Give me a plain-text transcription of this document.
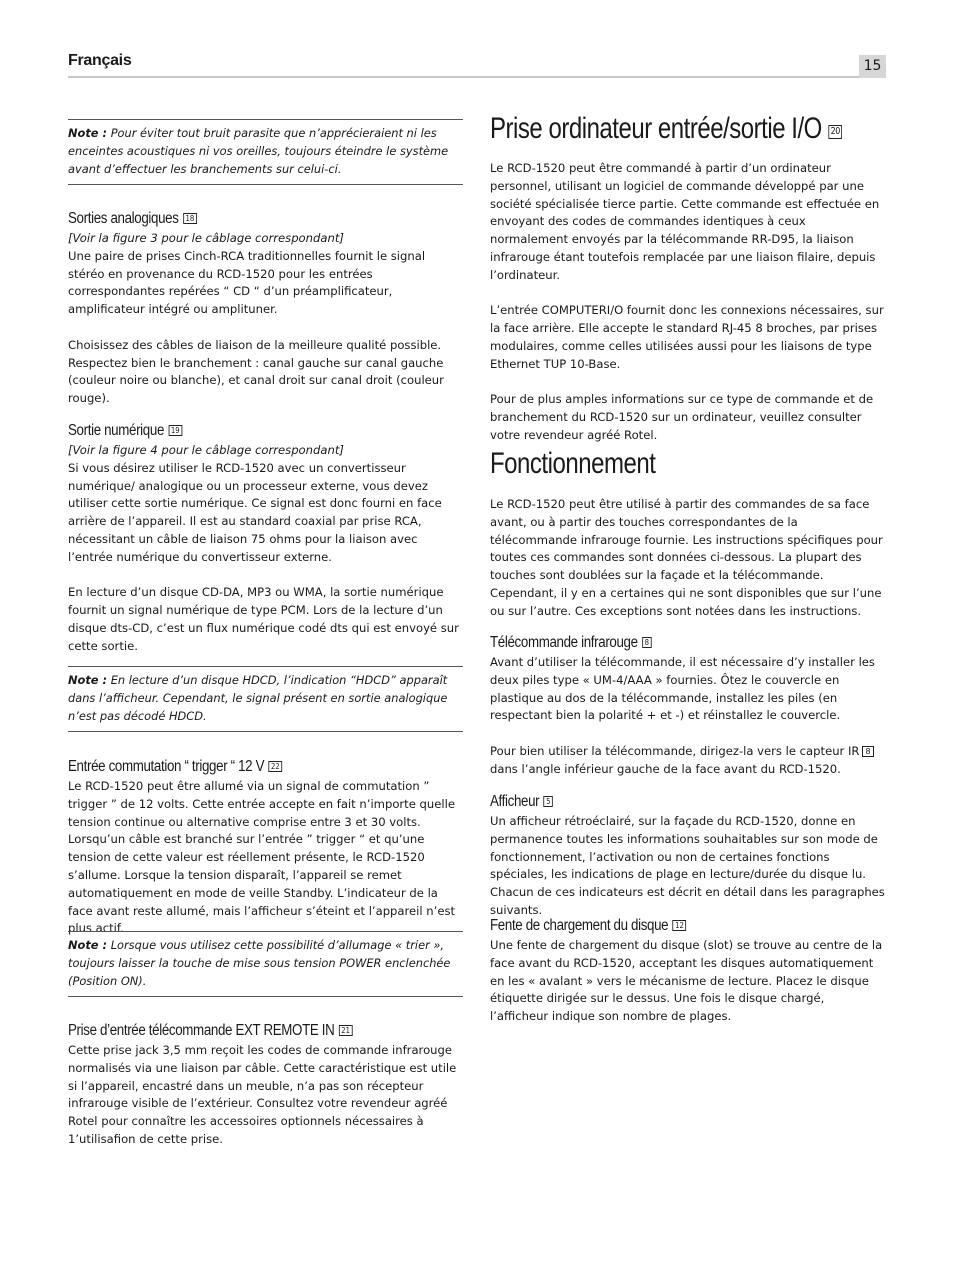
Français	15
Note : Pour éviter tout bruit parasite que n’apprécieraient ni les enceintes acoustiques ni vos oreilles, toujours éteindre le système avant d’effectuer les branchements sur celui-ci.
Sorties analogiques 18

[Voir la figure 3 pour le câblage correspondant]

Une paire de prises Cinch-RCA traditionnelles fournit le signal stéréo en provenance du RCD-1520 pour les entrées correspondantes repérées “ CD “ d’un préamplificateur, amplificateur intégré ou amplituner.

Choisissez des câbles de liaison de la meilleure qualité possible. Respectez bien le branchement : canal gauche sur canal gauche (couleur noire ou blanche), et canal droit sur canal droit (couleur rouge).

Sortie numérique 19

[Voir la figure 4 pour le câblage correspondant]

Si vous désirez utiliser le RCD-1520 avec un convertisseur numérique/ analogique ou un processeur externe, vous devez utiliser cette sortie numérique. Ce signal est donc fourni en face arrière de l’appareil. Il est au standard coaxial par prise RCA, nécessitant un câble de liaison 75 ohms pour la liaison avec l’entrée numérique du convertisseur externe.

En lecture d’un disque CD-DA, MP3 ou WMA, la sortie numérique fournit un signal numérique de type PCM. Lors de la lecture d’un disque dts-CD, c’est un flux numérique codé dts qui est envoyé sur cette sortie.

Note : En lecture d’un disque HDCD, l’indication “HDCD” apparaît dans l’afficheur. Cependant, le signal présent en sortie analogique n’est pas décodé HDCD.
Entrée commutation “ trigger “ 12 V 22

Le RCD-1520 peut être allumé via un signal de commutation ” trigger ” de 12 volts. Cette entrée accepte en fait n’importe quelle tension continue ou alternative comprise entre 3 et 30 volts. Lorsqu’un câble est branché sur l’entrée ” trigger “ et qu’une tension de cette valeur est réellement présente, le RCD-1520 s’allume. Lorsque la tension disparaît, l’appareil se remet automatiquement en mode de veille Standby. L’indicateur de la face avant reste allumé, mais l’afficheur s’éteint et l’appareil n’est plus actif.

Note : Lorsque vous utilisez cette possibilité d’allumage « trier », toujours laisser la touche de mise sous tension POWER enclenchée (Position ON).
Prise d’entrée télécommande EXT REMOTE IN 21

Cette prise jack 3,5 mm reçoit les codes de commande infrarouge normalisés via une liaison par câble. Cette caractéristique est utile si l’appareil, encastré dans un meuble, n’a pas son récepteur infrarouge visible de l’extérieur. Consultez votre revendeur agréé Rotel pour connaître les accessoires optionnels nécessaires à 1’utilisafion de cette prise.

Prise ordinateur entrée/sortie I/O 20

Le RCD-1520 peut être commandé à partir d’un ordinateur personnel, utilisant un logiciel de commande développé par une société spécialisée tierce partie. Cette commande est effectuée en envoyant des codes de commandes identiques à ceux normalement envoyés par la télécommande RR-D95, la liaison infrarouge étant toutefois remplacée par une liaison filaire, depuis l’ordinateur.

L’entrée COMPUTERI/O fournit donc les connexions nécessaires, sur la face arrière. Elle accepte le standard RJ-45 8 broches, par prises modulaires, comme celles utilisées aussi pour les liaisons de type Ethernet TUP 10-Base.

Pour de plus amples informations sur ce type de commande et de branchement du RCD-1520 sur un ordinateur, veuillez consulter votre revendeur agréé Rotel.

Fonctionnement

Le RCD-1520 peut être utilisé à partir des commandes de sa face avant, ou à partir des touches correspondantes de la télécommande infrarouge fournie. Les instructions spécifiques pour toutes ces commandes sont données ci-dessous. La plupart des touches sont doublées sur la façade et la télécommande. Cependant, il y en a certaines qui ne sont disponibles que sur l’une ou sur l’autre. Ces exceptions sont notées dans les instructions.

Télécommande infrarouge 8

Avant d’utiliser la télécommande, il est nécessaire d’y installer les deux piles type « UM-4/AAA » fournies. Ôtez le couvercle en plastique au dos de la télécommande, installez les piles (en respectant bien la polarité + et -) et réinstallez le couvercle.

Pour bien utiliser la télécommande, dirigez-la vers le capteur IR 8 dans l’angle inférieur gauche de la face avant du RCD-1520.

Afficheur 5

Un afficheur rétroéclairé, sur la façade du RCD-1520, donne en permanence toutes les informations souhaitables sur son mode de fonctionnement, l’activation ou non de certaines fonctions spéciales, les indications de plage en lecture/durée du disque lu. Chacun de ces indicateurs est décrit en détail dans les paragraphes suivants.

Fente de chargement du disque 12

Une fente de chargement du disque (slot) se trouve au centre de la face avant du RCD-1520, acceptant les disques automatiquement en les « avalant » vers le mécanisme de lecture. Placez le disque étiquette dirigée sur le dessus. Une fois le disque chargé, l’afficheur indique son nombre de plages.
